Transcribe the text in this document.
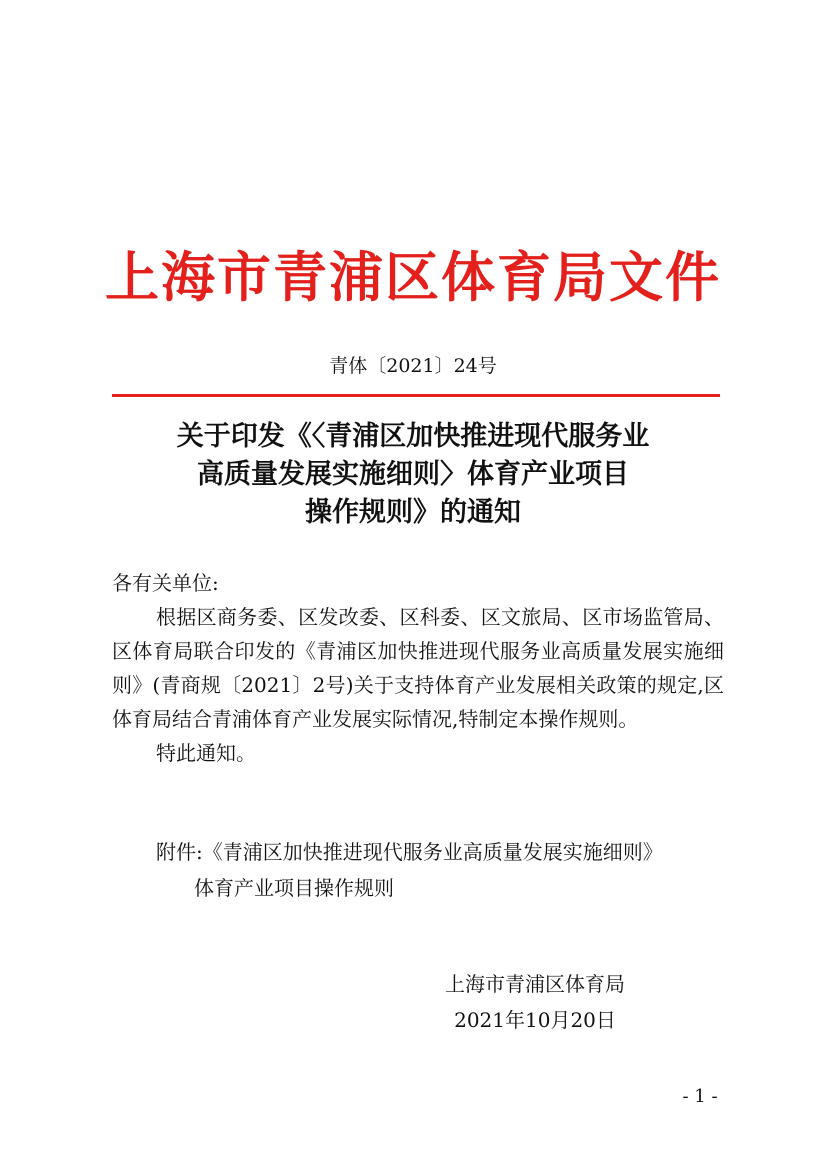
上海市青浦区体育局文件
青体〔2021〕24号
关于印发《〈青浦区加快推进现代服务业
高质量发展实施细则〉体育产业项目
操作规则》的通知

各有关单位:

根据区商务委、区发改委、区科委、区文旅局、区市场监管局、区体育局联合印发的《青浦区加快推进现代服务业高质量发展实施细则》(青商规〔2021〕2号)关于支持体育产业发展相关政策的规定,区体育局结合青浦体育产业发展实际情况,特制定本操作规则。

特此通知。

附件:《青浦区加快推进现代服务业高质量发展实施细则》
体育产业项目操作规则
上海市青浦区体育局
2021年10月20日
- 1 -
